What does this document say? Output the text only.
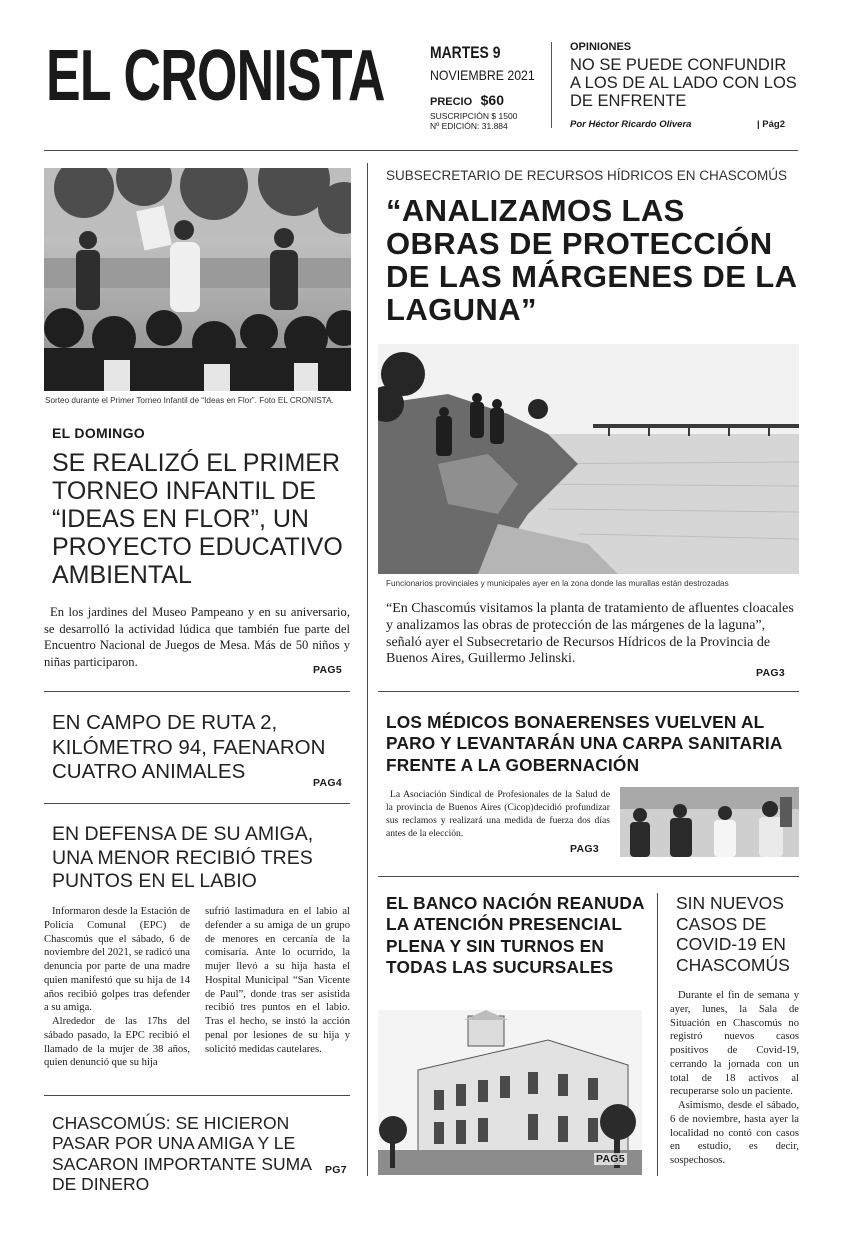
EL CRONISTA	MARTES 9
NOVIEMBRE 2021
PRECIO $60
SUSCRIPCIÓN $ 1500
Nº EDICIÓN: 31.884
OPINIONES
NO SE PUEDE CONFUNDIR A LOS DE AL LADO CON LOS DE ENFRENTE
Por Héctor Ricardo Olivera	| Pág2
Sorteo durante el Primer Torneo Infantil de “Ideas en Flor”. Foto EL CRONISTA.
EL DOMINGO
SE REALIZÓ EL PRIMER TORNEO INFANTIL DE “IDEAS EN FLOR”, UN PROYECTO EDUCATIVO AMBIENTAL
En los jardines del Museo Pampeano y en su aniversario, se desarrolló la actividad lúdica que también fue parte del Encuentro Nacional de Juegos de Mesa. Más de 50 niños y niñas participaron.
PAG5
EN CAMPO DE RUTA 2, KILÓMETRO 94, FAENARON CUATRO ANIMALES	PAG4
EN DEFENSA DE SU AMIGA, UNA MENOR RECIBIÓ TRES PUNTOS EN EL LABIO

Informaron desde la Estación de Policía Comunal (EPC) de Chascomús que el sábado, 6 de noviembre del 2021, se radicó una denuncia por parte de una madre quien manifestó que su hija de 14 años recibió golpes tras defender a su amiga.

Alrededor de las 17hs del sábado pasado, la EPC recibió el llamado de la mujer de 38 años, quien denunció que su hija

sufrió lastimadura en el labio al defender a su amiga de un grupo de menores en cercanía de la comisaría. Ante lo ocurrido, la mujer llevó a su hija hasta el Hospital Municipal “San Vicente de Paul”, donde tras ser asistida recibió tres puntos en el labio. Tras el hecho, se instó la acción penal por lesiones de su hija y solicitó medidas cautelares.

CHASCOMÚS: SE HICIERON PASAR POR UNA AMIGA Y LE SACARON IMPORTANTE SUMA DE DINERO
PG7
SUBSECRETARIO DE RECURSOS HÍDRICOS EN CHASCOMÚS
“ANALIZAMOS LAS OBRAS DE PROTECCIÓN DE LAS MÁRGENES DE LA LAGUNA”
Funcionarios provinciales y municipales ayer en la zona donde las murallas están destrozadas
“En Chascomús visitamos la planta de tratamiento de afluentes cloacales y analizamos las obras de protección de las márgenes de la laguna”, señaló ayer el Subsecretario de Recursos Hídricos de la Provincia de Buenos Aires, Guillermo Jelinski.
PAG3
LOS MÉDICOS BONAERENSES VUELVEN AL PARO Y LEVANTARÁN UNA CARPA SANITARIA FRENTE A LA GOBERNACIÓN
La Asociación Sindical de Profesionales de la Salud de la provincia de Buenos Aires (Cicop)decidió profundizar sus reclamos y realizará una medida de fuerza dos días antes de la elección.
PAG3
EL BANCO NACIÓN REANUDA LA ATENCIÓN PRESENCIAL PLENA Y SIN TURNOS EN TODAS LAS SUCURSALES
PAG5
SIN NUEVOS CASOS DE COVID-19 EN CHASCOMÚS

Durante el fin de semana y ayer, lunes, la Sala de Situación en Chascomús no registró nuevos casos positivos de Covid-19, cerrando la jornada con un total de 18 activos al recuperarse solo un paciente.

Asimismo, desde el sábado, 6 de noviembre, hasta ayer la localidad no contó con casos en estudio, es decir, sospechosos.
